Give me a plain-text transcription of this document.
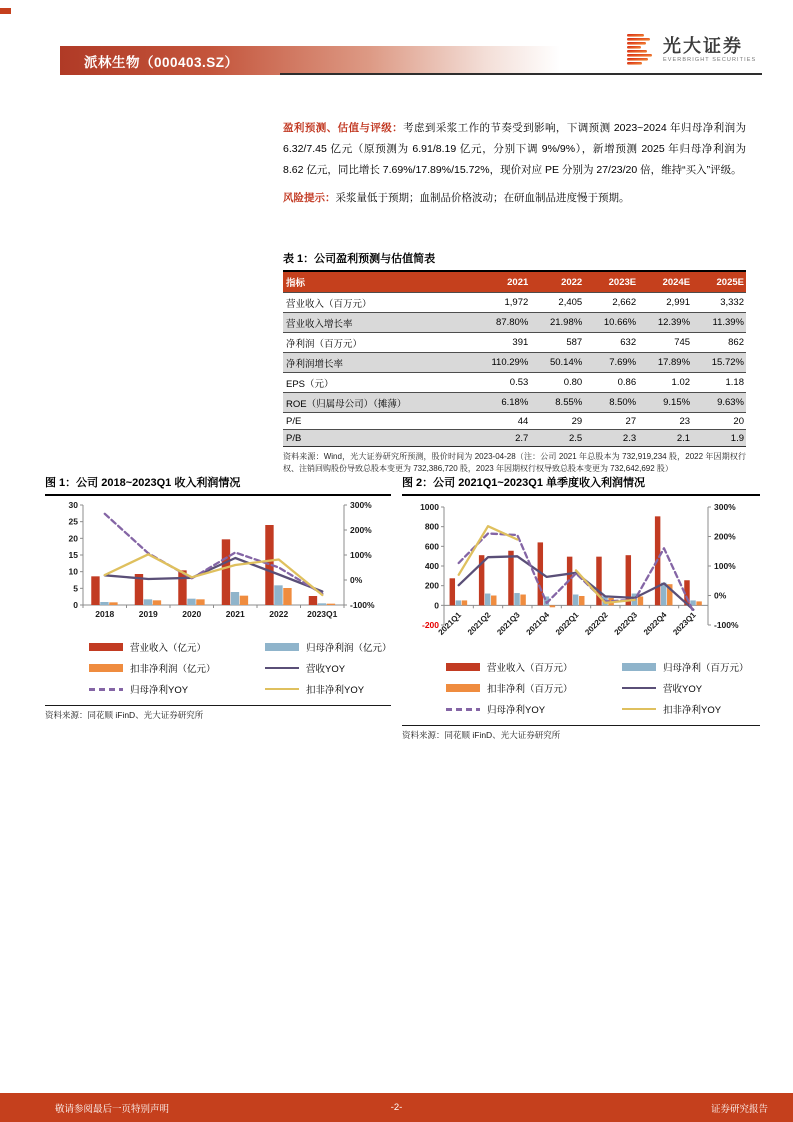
派林生物（000403.SZ）
光大证券
EVERBRIGHT SECURITIES

盈利预测、估值与评级：考虑到采浆工作的节奏受到影响，下调预测 2023~2024 年归母净利润为 6.32/7.45 亿元（原预测为 6.91/8.19 亿元，分别下调 9%/9%），新增预测 2025 年归母净利润为 8.62 亿元，同比增长 7.69%/17.89%/15.72%，现价对应 PE 分别为 27/23/20 倍，维持“买入”评级。

风险提示：采浆量低于预期；血制品价格波动；在研血制品进度慢于预期。

表 1：公司盈利预测与估值简表
指标	2021	2022	2023E	2024E	2025E
营业收入（百万元）	1,972	2,405	2,662	2,991	3,332
营业收入增长率	87.80%	21.98%	10.66%	12.39%	11.39%
净利润（百万元）	391	587	632	745	862
净利润增长率	110.29%	50.14%	7.69%	17.89%	15.72%
EPS（元）	0.53	0.80	0.86	1.02	1.18
ROE（归属母公司）（摊薄）	6.18%	8.55%	8.50%	9.15%	9.63%
P/E	44	29	27	23	20
P/B	2.7	2.5	2.3	2.1	1.9
资料来源：Wind，光大证券研究所预测，股价时间为 2023-04-28（注：公司 2021 年总股本为 732,919,234 股，2022 年因期权行权、注销回购股份导致总股本变更为 732,386,720 股，2023 年因期权行权导致总股本变更为 732,642,692 股）
图 1：公司 2018~2023Q1 收入利润情况
0
5
10
15
20
25
30
-100%
0%
100%
200%
300%
2018	2019	2020	2021	2022 2023Q1
营业收入（亿元）	归母净利润（亿元）
扣非净利润（亿元）	营收YOY
归母净利YOY	扣非净利YOY
资料来源：同花顺 iFinD、光大证券研究所
图 2：公司 2021Q1~2023Q1 单季度收入利润情况
-200
0
200
400
600
800
1000
-100%
0%
100%
200%
300%
2021Q1 2021Q2 2021Q3 2021Q4 2022Q1 2022Q2 2022Q3 2022Q4 2023Q1
营业收入（百万元）	归母净利（百万元）
扣非净利（百万元）	营收YOY
归母净利YOY	扣非净利YOY
资料来源：同花顺 iFinD、光大证券研究所
敬请参阅最后一页特别声明	-2-	证券研究报告
